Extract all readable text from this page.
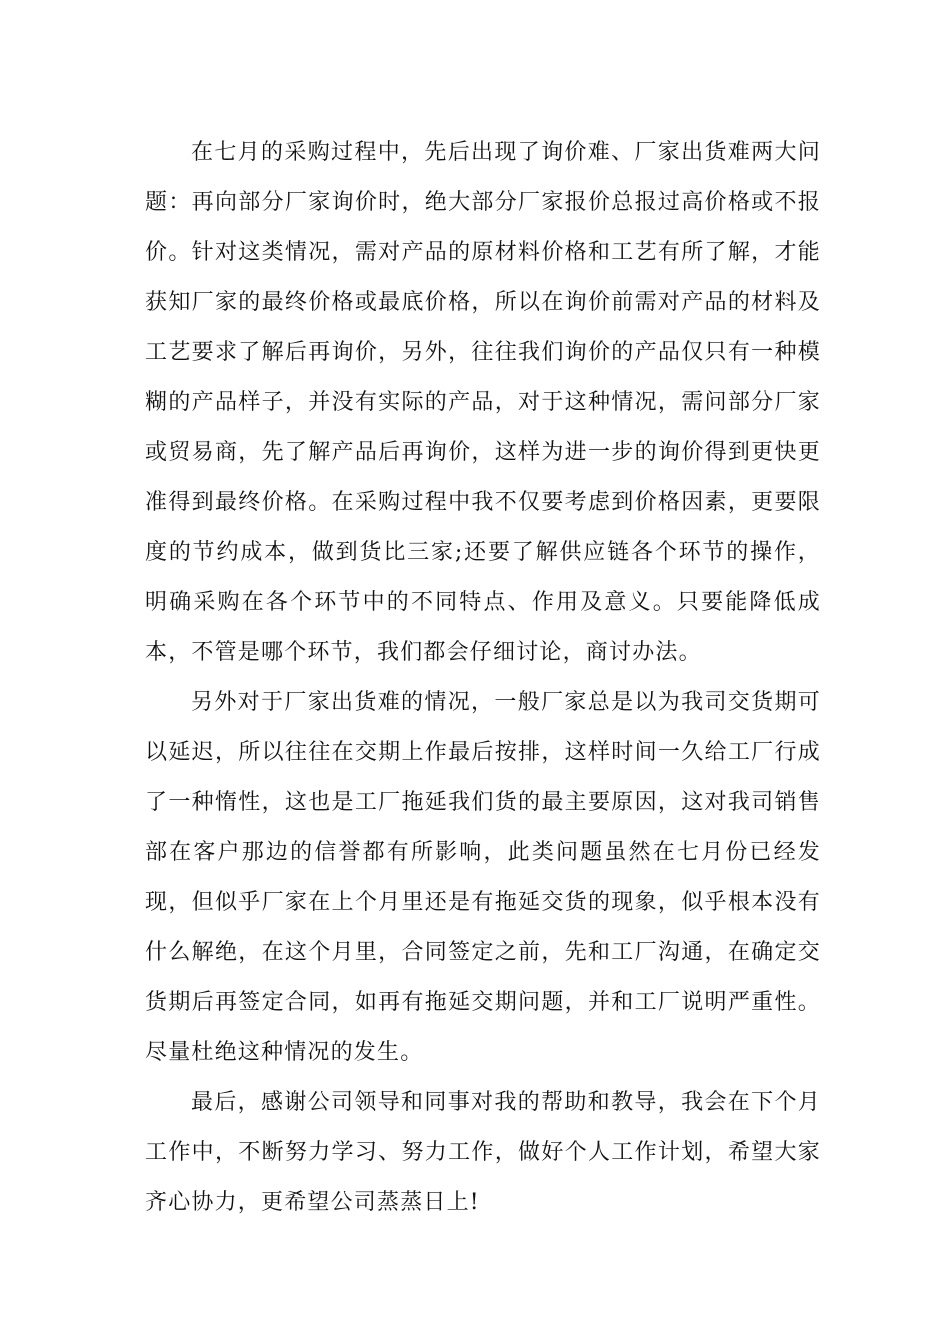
在七月的采购过程中，先后出现了询价难、厂家出货难两大问题：再向部分厂家询价时，绝大部分厂家报价总报过高价格或不报价。针对这类情况，需对产品的原材料价格和工艺有所了解，才能获知厂家的最终价格或最底价格，所以在询价前需对产品的材料及工艺要求了解后再询价，另外，往往我们询价的产品仅只有一种模糊的产品样子，并没有实际的产品，对于这种情况，需问部分厂家或贸易商，先了解产品后再询价，这样为进一步的询价得到更快更准得到最终价格。在采购过程中我不仅要考虑到价格因素，更要限度的节约成本，做到货比三家;还要了解供应链各个环节的操作，明确采购在各个环节中的不同特点、作用及意义。只要能降低成本，不管是哪个环节，我们都会仔细讨论，商讨办法。

另外对于厂家出货难的情况，一般厂家总是以为我司交货期可以延迟，所以往往在交期上作最后按排，这样时间一久给工厂行成了一种惰性，这也是工厂拖延我们货的最主要原因，这对我司销售部在客户那边的信誉都有所影响，此类问题虽然在七月份已经发现，但似乎厂家在上个月里还是有拖延交货的现象，似乎根本没有什么解绝，在这个月里，合同签定之前，先和工厂沟通，在确定交货期后再签定合同，如再有拖延交期问题，并和工厂说明严重性。尽量杜绝这种情况的发生。

最后，感谢公司领导和同事对我的帮助和教导，我会在下个月工作中，不断努力学习、努力工作，做好个人工作计划，希望大家齐心协力，更希望公司蒸蒸日上!
